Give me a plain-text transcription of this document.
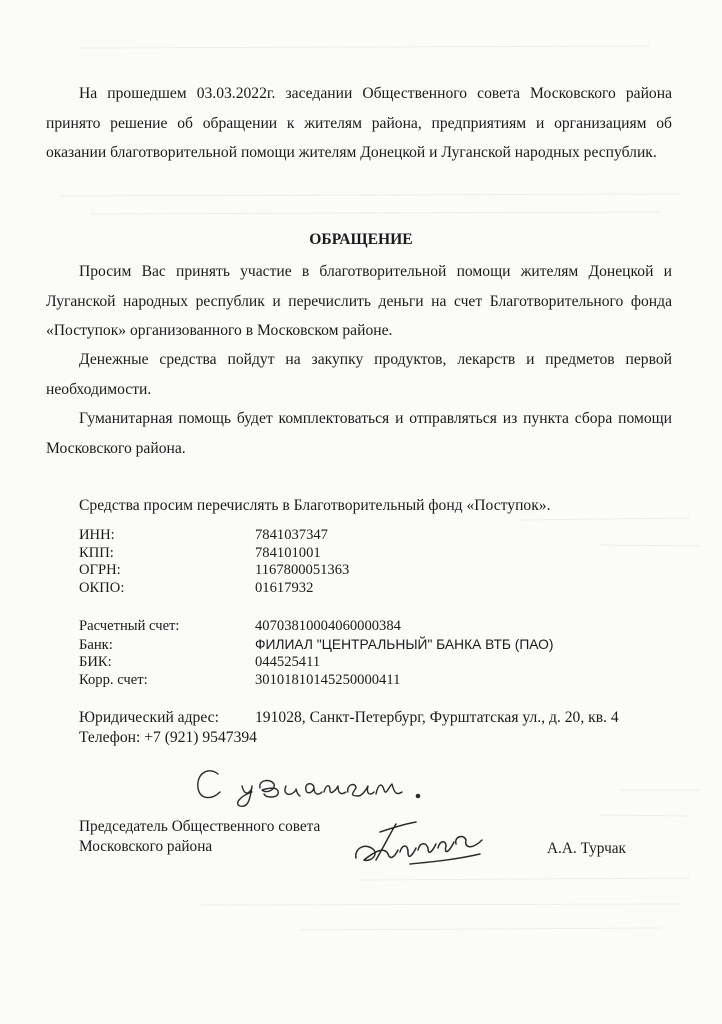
На прошедшем 03.03.2022г. заседании Общественного совета Московского района принято решение об обращении к жителям района, предприятиям и организациям об оказании благотворительной помощи жителям Донецкой и Луганской народных республик.

ОБРАЩЕНИЕ

Просим Вас принять участие в благотворительной помощи жителям Донецкой и Луганской народных республик и перечислить деньги на счет Благотворительного фонда «Поступок» организованного в Московском районе.

Денежные средства пойдут на закупку продуктов, лекарств и предметов первой необходимости.

Гуманитарная помощь будет комплектоваться и отправляться из пункта сбора помощи Московского района.

Средства просим перечислять в Благотворительный фонд «Поступок».

ИНН:	7841037347
КПП:	784101001
ОГРН:	1167800051363
ОКПО:	01617932
Расчетный счет:	40703810004060000384
Банк:	ФИЛИАЛ "ЦЕНТРАЛЬНЫЙ" БАНКА ВТБ (ПАО)
БИК:	044525411
Корр. счет:	30101810145250000411
Юридический адрес: 191028, Санкт-Петербург, Фурштатская ул., д. 20, кв. 4
Телефон: +7 (921) 9547394
Председатель Общественного совета
Московского района	А.А. Турчак
